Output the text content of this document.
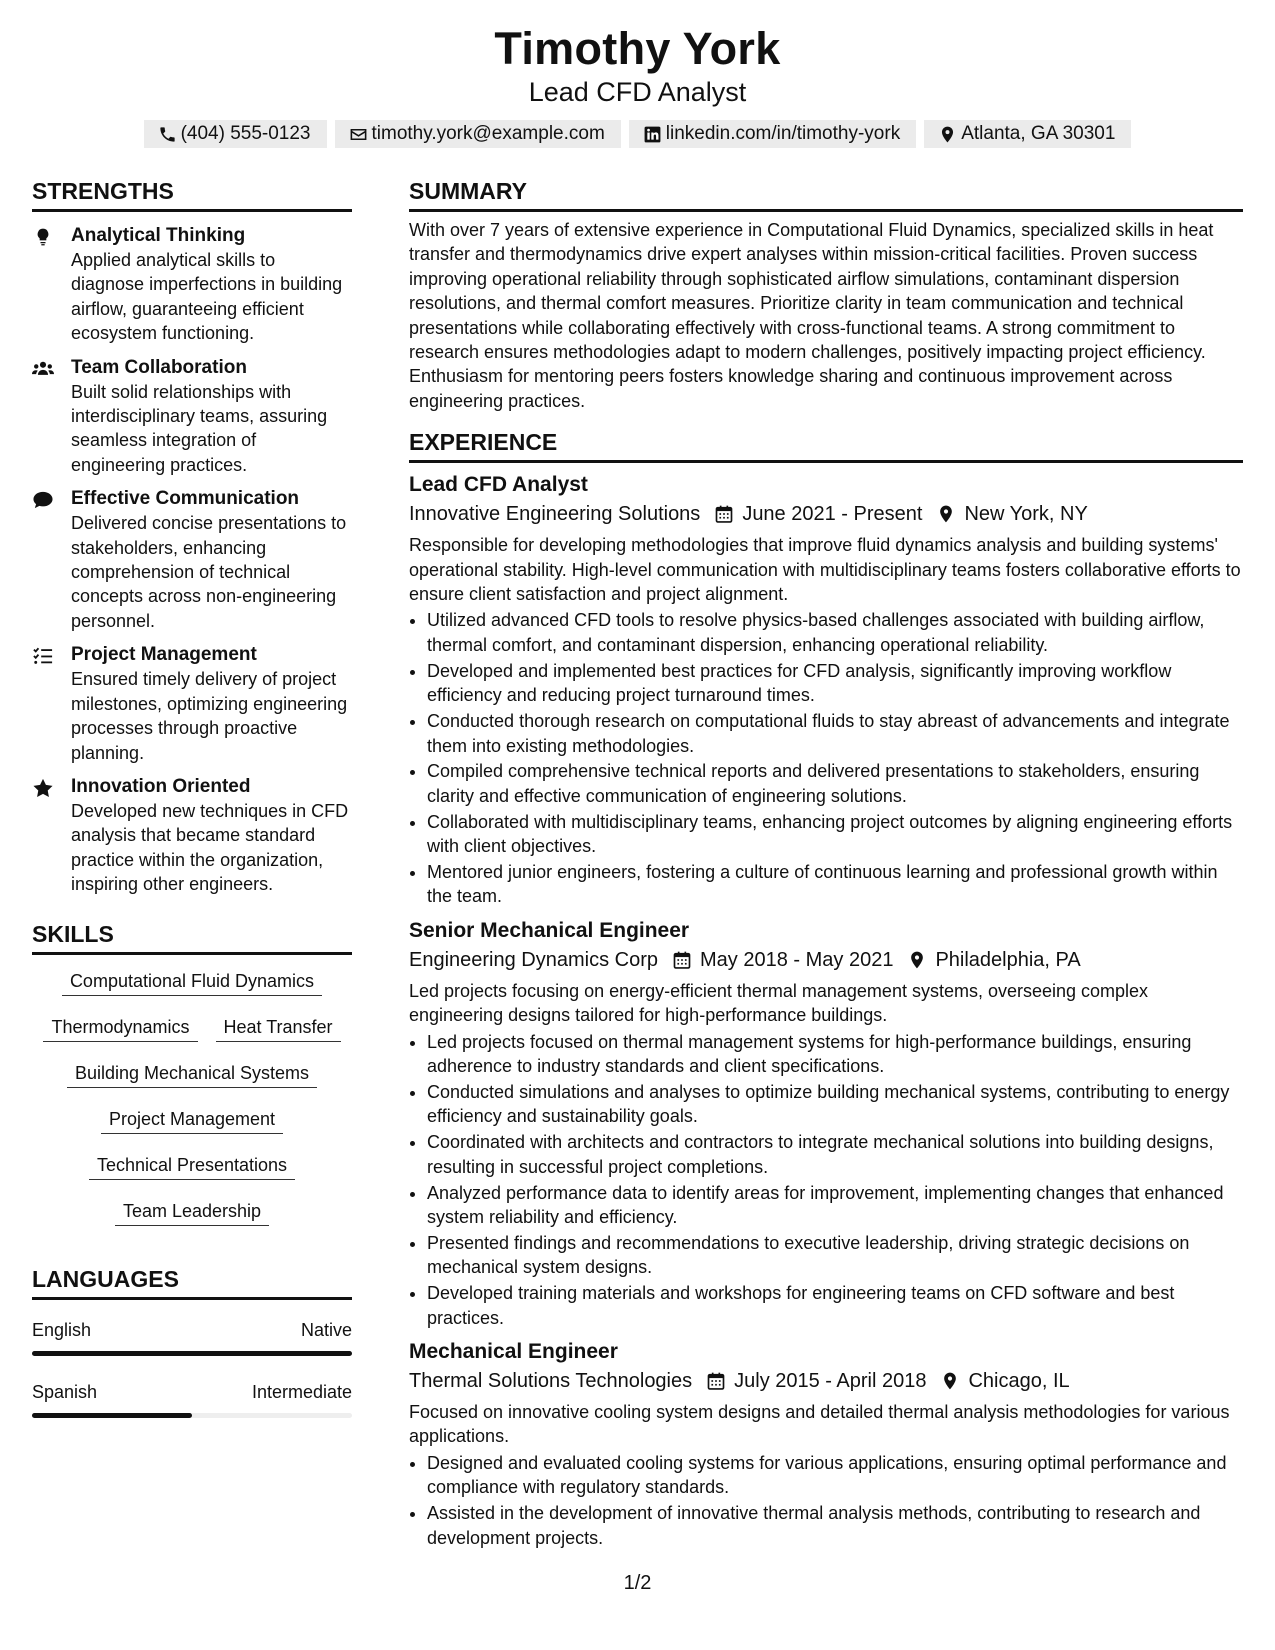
Timothy York
Lead CFD Analyst
(404) 555-0123	timothy.york@example.com	linkedin.com/in/timothy-york	Atlanta, GA 30301
STRENGTHS
Analytical Thinking
Applied analytical skills to diagnose imperfections in building airflow, guaranteeing efficient ecosystem functioning.
Team Collaboration
Built solid relationships with interdisciplinary teams, assuring seamless integration of engineering practices.
Effective Communication
Delivered concise presentations to stakeholders, enhancing comprehension of technical concepts across non-engineering personnel.
Project Management
Ensured timely delivery of project milestones, optimizing engineering processes through proactive planning.
Innovation Oriented
Developed new techniques in CFD analysis that became standard practice within the organization, inspiring other engineers.
SKILLS
Computational Fluid Dynamics
Thermodynamics	Heat Transfer
Building Mechanical Systems
Project Management
Technical Presentations
Team Leadership
LANGUAGES
English	Native
Spanish	Intermediate
SUMMARY
With over 7 years of extensive experience in Computational Fluid Dynamics, specialized skills in heat transfer and thermodynamics drive expert analyses within mission-critical facilities. Proven success improving operational reliability through sophisticated airflow simulations, contaminant dispersion resolutions, and thermal comfort measures. Prioritize clarity in team communication and technical presentations while collaborating effectively with cross-functional teams. A strong commitment to research ensures methodologies adapt to modern challenges, positively impacting project efficiency. Enthusiasm for mentoring peers fosters knowledge sharing and continuous improvement across engineering practices.
EXPERIENCE
Lead CFD Analyst
Innovative Engineering Solutions June 2021 - Present New York, NY
Responsible for developing methodologies that improve fluid dynamics analysis and building systems' operational stability. High-level communication with multidisciplinary teams fosters collaborative efforts to ensure client satisfaction and project alignment.
• Utilized advanced CFD tools to resolve physics-based challenges associated with building airflow, thermal comfort, and contaminant dispersion, enhancing operational reliability.
• Developed and implemented best practices for CFD analysis, significantly improving workflow efficiency and reducing project turnaround times.
• Conducted thorough research on computational fluids to stay abreast of advancements and integrate them into existing methodologies.
• Compiled comprehensive technical reports and delivered presentations to stakeholders, ensuring clarity and effective communication of engineering solutions.
• Collaborated with multidisciplinary teams, enhancing project outcomes by aligning engineering efforts with client objectives.
• Mentored junior engineers, fostering a culture of continuous learning and professional growth within the team.
Senior Mechanical Engineer
Engineering Dynamics Corp May 2018 - May 2021 Philadelphia, PA
Led projects focusing on energy-efficient thermal management systems, overseeing complex engineering designs tailored for high-performance buildings.
• Led projects focused on thermal management systems for high-performance buildings, ensuring adherence to industry standards and client specifications.
• Conducted simulations and analyses to optimize building mechanical systems, contributing to energy efficiency and sustainability goals.
• Coordinated with architects and contractors to integrate mechanical solutions into building designs, resulting in successful project completions.
• Analyzed performance data to identify areas for improvement, implementing changes that enhanced system reliability and efficiency.
• Presented findings and recommendations to executive leadership, driving strategic decisions on mechanical system designs.
• Developed training materials and workshops for engineering teams on CFD software and best practices.
Mechanical Engineer
Thermal Solutions Technologies July 2015 - April 2018 Chicago, IL
Focused on innovative cooling system designs and detailed thermal analysis methodologies for various applications.
• Designed and evaluated cooling systems for various applications, ensuring optimal performance and compliance with regulatory standards.
• Assisted in the development of innovative thermal analysis methods, contributing to research and development projects.
1/2
